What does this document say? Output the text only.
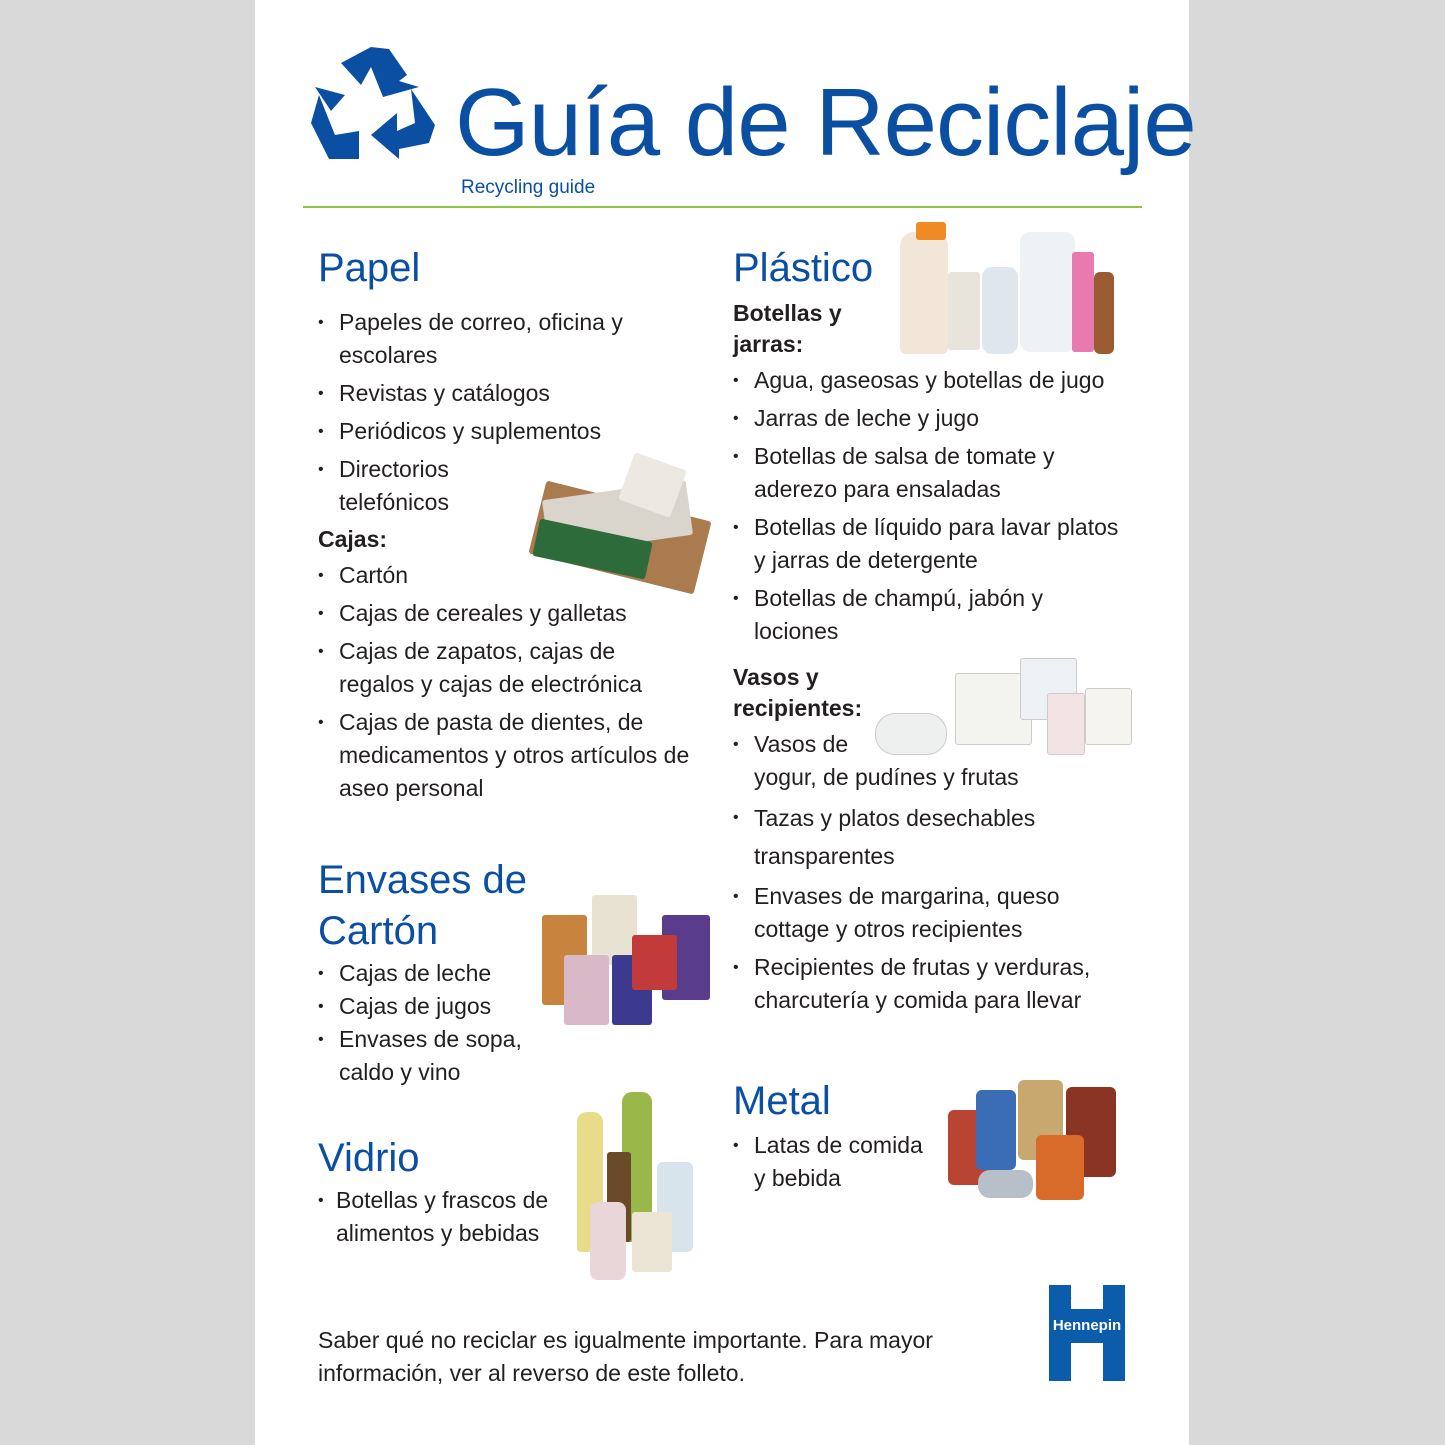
Guía de Reciclaje
Recycling guide
Papel
• Papeles de correo, oficina y escolares
• Revistas y catálogos
• Periódicos y suplementos
• Directorios telefónicos
Cajas:
• Cartón
• Cajas de cereales y galletas
• Cajas de zapatos, cajas de regalos y cajas de electrónica
• Cajas de pasta de dientes, de medicamentos y otros artículos de aseo personal
Envases de Cartón
• Cajas de leche
• Cajas de jugos
• Envases de sopa, caldo y vino
Vidrio
• Botellas y frascos de alimentos y bebidas
Plástico
Botellas y jarras:
• Agua, gaseosas y botellas de jugo
• Jarras de leche y jugo
• Botellas de salsa de tomate y aderezo para ensaladas
• Botellas de líquido para lavar platos y jarras de detergente
• Botellas de champú, jabón y lociones
Vasos y recipientes:
• Vasos de yogur, de pudínes y frutas
• Tazas y platos desechables transparentes
• Envases de margarina, queso cottage y otros recipientes
• Recipientes de frutas y verduras, charcutería y comida para llevar
Metal
• Latas de comida y bebida
Saber qué no reciclar es igualmente importante. Para mayor información, ver al reverso de este folleto.
Hennepin
